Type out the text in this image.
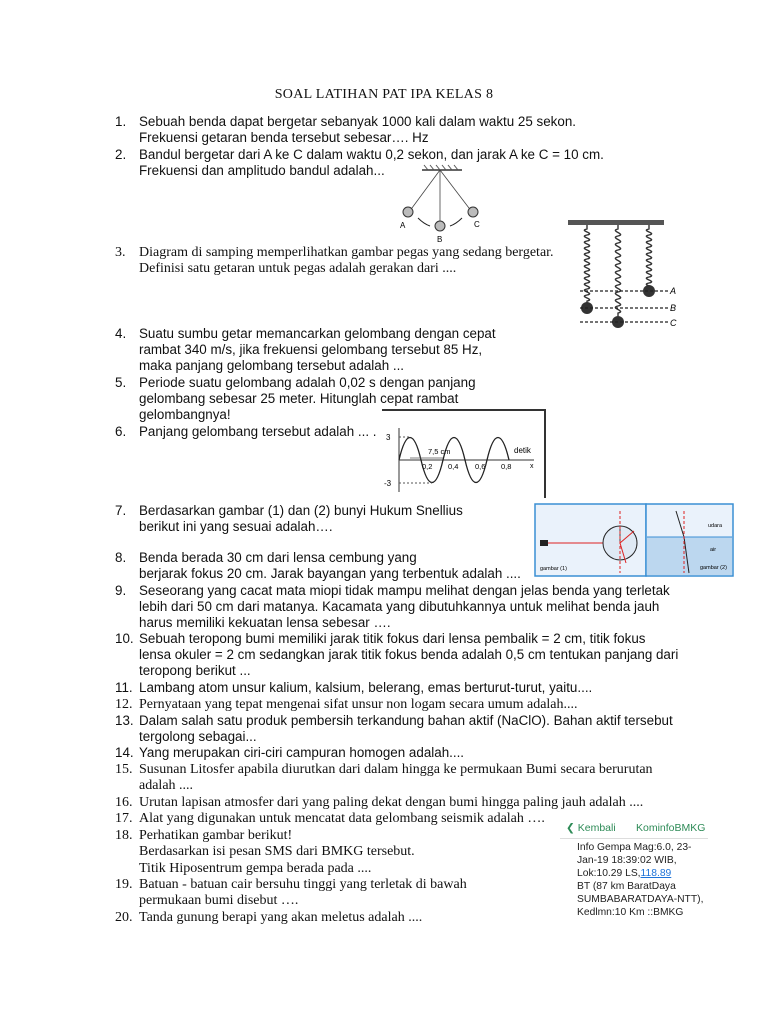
SOAL LATIHAN PAT IPA KELAS 8
1. Sebuah benda dapat bergetar sebanyak 1000 kali dalam waktu 25 sekon.
Frekuensi getaran benda tersebut sebesar…. Hz
2. Bandul bergetar dari A ke C dalam waktu 0,2 sekon, dan jarak A ke C = 10 cm.
Frekuensi dan amplitudo bandul adalah...
3. Diagram di samping memperlihatkan gambar pegas yang sedang bergetar.
Definisi satu getaran untuk pegas adalah gerakan dari ....
4. Suatu sumbu getar memancarkan gelombang dengan cepat
rambat 340 m/s, jika frekuensi gelombang tersebut 85 Hz,
maka panjang gelombang tersebut adalah ...
5. Periode suatu gelombang adalah 0,02 s dengan panjang
gelombang sebesar 25 meter. Hitunglah cepat rambat
gelombangnya!
6. Panjang gelombang tersebut adalah ... .
7. Berdasarkan gambar (1) dan (2) bunyi Hukum Snellius
berikut ini yang sesuai adalah….
8. Benda berada 30 cm dari lensa cembung yang
berjarak fokus 20 cm. Jarak bayangan yang terbentuk adalah ....
9. Seseorang yang cacat mata miopi tidak mampu melihat dengan jelas benda yang terletak
lebih dari 50 cm dari matanya. Kacamata yang dibutuhkannya untuk melihat benda jauh
harus memiliki kekuatan lensa sebesar ….
10. Sebuah teropong bumi memiliki jarak titik fokus dari lensa pembalik = 2 cm, titik fokus
lensa okuler = 2 cm sedangkan jarak titik fokus benda adalah 0,5 cm tentukan panjang dari
teropong berikut ...
11. Lambang atom unsur kalium, kalsium, belerang, emas berturut-turut, yaitu....
12. Pernyataan yang tepat mengenai sifat unsur non logam secara umum adalah....
13. Dalam salah satu produk pembersih terkandung bahan aktif (NaClO). Bahan aktif tersebut
tergolong sebagai...
14. Yang merupakan ciri-ciri campuran homogen adalah....
15. Susunan Litosfer apabila diurutkan dari dalam hingga ke permukaan Bumi secara berurutan
adalah ....
16. Urutan lapisan atmosfer dari yang paling dekat dengan bumi hingga paling jauh adalah ....
17. Alat yang digunakan untuk mencatat data gelombang seismik adalah ….
18. Perhatikan gambar berikut!
Berdasarkan isi pesan SMS dari BMKG tersebut.
Titik Hiposentrum gempa berada pada ....
19. Batuan - batuan cair bersuhu tinggi yang terletak di bawah
permukaan bumi disebut ….
20. Tanda gunung berapi yang akan meletus adalah ....
A
B
C
A
B
C
3
-3
7,5 cm	detik
x
0,2 0,4 0,6 0,8
gambar (1)	gambar (2)
udara
air
❮ Kembali KominfoBMKG
Info Gempa Mag:6.0, 23-
Jan-19 18:39:02 WIB,
Lok:10.29 LS,118.89
BT (87 km BaratDaya
SUMBABARATDAYA-NTT),
Kedlmn:10 Km ::BMKG
